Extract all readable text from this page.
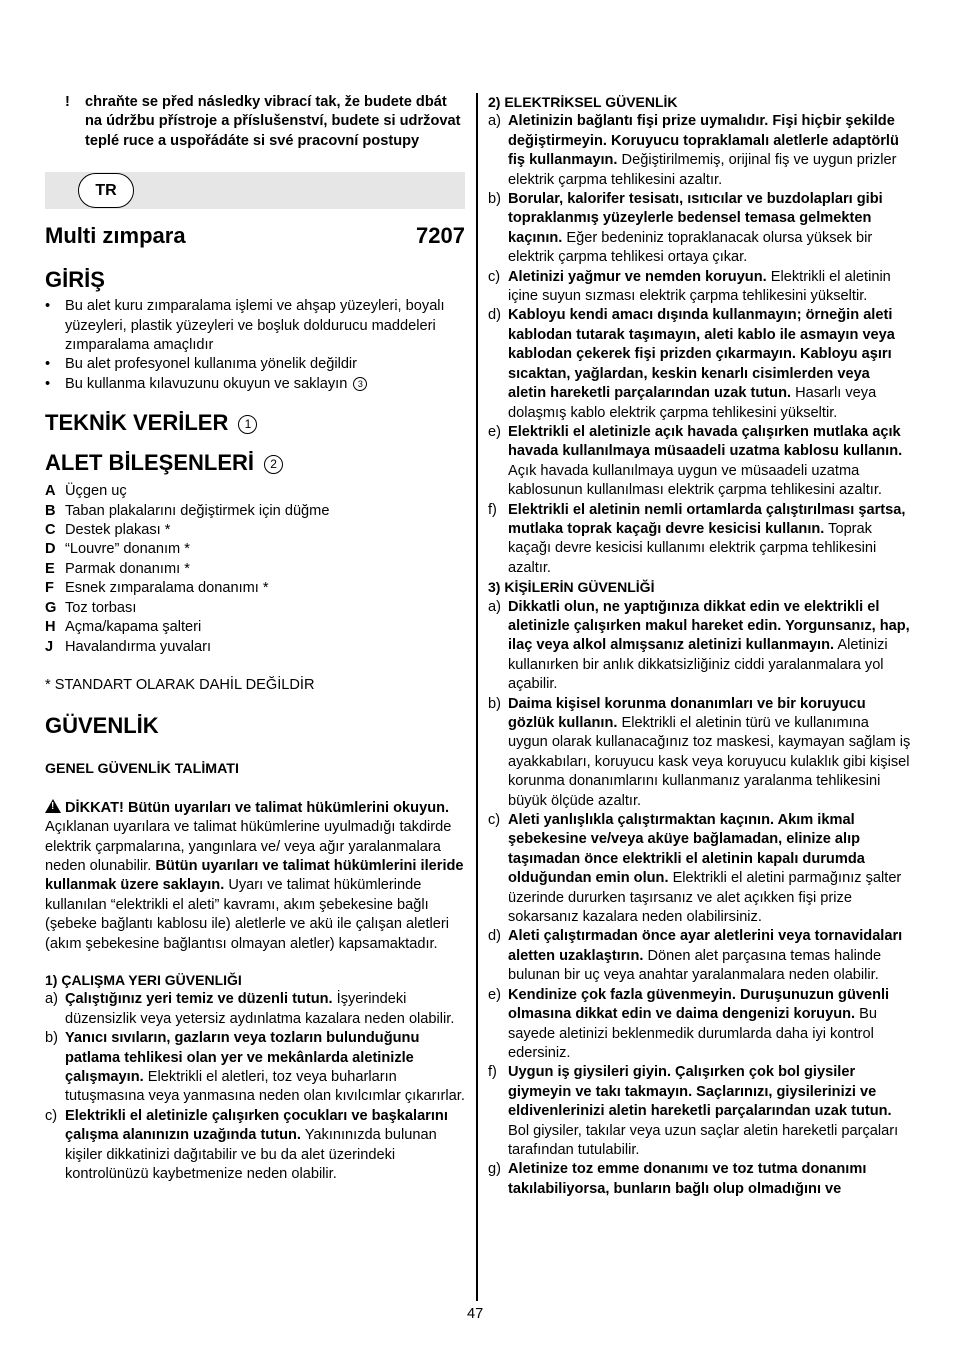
!	chraňte se před následky vibrací tak, že budete dbát na údržbu přístroje a příslušenství, budete si udržovat teplé ruce a uspořádáte si své pracovní postupy
TR
Multi zımpara	7207
GİRİŞ
•	Bu alet kuru zımparalama işlemi ve ahşap yüzeyleri, boyalı yüzeyleri, plastik yüzeyleri ve boşluk doldurucu maddeleri zımparalama amaçlıdır
•	Bu alet profesyonel kullanıma yönelik değildir
•	Bu kullanma kılavuzunu okuyun ve saklayın 3
TEKNİK VERİLER 1
ALET BİLEŞENLERİ 2
A Üçgen uç
B Taban plakalarını değiştirmek için düğme
C Destek plakası *
D “Louvre” donanım *
E Parmak donanımı *
F Esnek zımparalama donanımı *
G Toz torbası
H Açma/kapama şalteri
J Havalandırma yuvaları
* STANDART OLARAK DAHİL DEĞİLDİR
GÜVENLİK
GENEL GÜVENLİK TALİMATI
!DİKKAT! Bütün uyarıları ve talimat hükümlerini okuyun. Açıklanan uyarılara ve talimat hükümlerine uyulmadığı takdirde elektrik çarpmalarına, yangınlara ve/ veya ağır yaralanmalara neden olunabilir. Bütün uyarıları ve talimat hükümlerini ileride kullanmak üzere saklayın. Uyarı ve talimat hükümlerinde kullanılan “elektrikli el aleti” kavramı, akım şebekesine bağlı (şebeke bağlantı kablosu ile) aletlerle ve akü ile çalışan aletleri (akım şebekesine bağlantısı olmayan aletler) kapsamaktadır.
1) ÇALIŞMA YERI GÜVENLIĞI
a) Çalıştığınız yeri temiz ve düzenli tutun. İşyerindeki düzensizlik veya yetersiz aydınlatma kazalara neden olabilir.
b) Yanıcı sıvıların, gazların veya tozların bulunduğunu patlama tehlikesi olan yer ve mekânlarda aletinizle çalışmayın. Elektrikli el aletleri, toz veya buharların tutuşmasına veya yanmasına neden olan kıvılcımlar çıkarırlar.
c) Elektrikli el aletinizle çalışırken çocukları ve başkalarını çalışma alanınızın uzağında tutun. Yakınınızda bulunan kişiler dikkatinizi dağıtabilir ve bu da alet üzerindeki kontrolünüzü kaybetmenize neden olabilir.
2) ELEKTRİKSEL GÜVENLİK
a) Aletinizin bağlantı fişi prize uymalıdır. Fişi hiçbir şekilde değiştirmeyin. Koruyucu topraklamalı aletlerle adaptörlü fiş kullanmayın. Değiştirilmemiş, orijinal fiş ve uygun prizler elektrik çarpma tehlikesini azaltır.
b) Borular, kalorifer tesisatı, ısıtıcılar ve buzdolapları gibi topraklanmış yüzeylerle bedensel temasa gelmekten kaçının. Eğer bedeniniz topraklanacak olursa yüksek bir elektrik çarpma tehlikesi ortaya çıkar.
c) Aletinizi yağmur ve nemden koruyun. Elektrikli el aletinin içine suyun sızması elektrik çarpma tehlikesini yükseltir.
d) Kabloyu kendi amacı dışında kullanmayın; örneğin aleti kablodan tutarak taşımayın, aleti kablo ile asmayın veya kablodan çekerek fişi prizden çıkarmayın. Kabloyu aşırı sıcaktan, yağlardan, keskin kenarlı cisimlerden veya aletin hareketli parçalarından uzak tutun. Hasarlı veya dolaşmış kablo elektrik çarpma tehlikesini yükseltir.
e) Elektrikli el aletinizle açık havada çalışırken mutlaka açık havada kullanılmaya müsaadeli uzatma kablosu kullanın. Açık havada kullanılmaya uygun ve müsaadeli uzatma kablosunun kullanılması elektrik çarpma tehlikesini azaltır.
f) Elektrikli el aletinin nemli ortamlarda çalıştırılması şartsa, mutlaka toprak kaçağı devre kesicisi kullanın. Toprak kaçağı devre kesicisi kullanımı elektrik çarpma tehlikesini azaltır.
3) KİŞİLERİN GÜVENLİĞİ
a) Dikkatli olun, ne yaptığınıza dikkat edin ve elektrikli el aletinizle çalışırken makul hareket edin. Yorgunsanız, hap, ilaç veya alkol almışsanız aletinizi kullanmayın. Aletinizi kullanırken bir anlık dikkatsizliğiniz ciddi yaralanmalara yol açabilir.
b) Daima kişisel korunma donanımları ve bir koruyucu gözlük kullanın. Elektrikli el aletinin türü ve kullanımına uygun olarak kullanacağınız toz maskesi, kaymayan sağlam iş ayakkabıları, koruyucu kask veya koruyucu kulaklık gibi kişisel korunma donanımlarını kullanmanız yaralanma tehlikesini büyük ölçüde azaltır.
c) Aleti yanlışlıkla çalıştırmaktan kaçının. Akım ikmal şebekesine ve/veya aküye bağlamadan, elinize alıp taşımadan önce elektrikli el aletinin kapalı durumda olduğundan emin olun. Elektrikli el aletini parmağınız şalter üzerinde dururken taşırsanız ve alet açıkken fişi prize sokarsanız kazalara neden olabilirsiniz.
d) Aleti çalıştırmadan önce ayar aletlerini veya tornavidaları aletten uzaklaştırın. Dönen alet parçasına temas halinde bulunan bir uç veya anahtar yaralanmalara neden olabilir.
e) Kendinize çok fazla güvenmeyin. Duruşunuzun güvenli olmasına dikkat edin ve daima dengenizi koruyun. Bu sayede aletinizi beklenmedik durumlarda daha iyi kontrol edersiniz.
f) Uygun iş giysileri giyin. Çalışırken çok bol giysiler giymeyin ve takı takmayın. Saçlarınızı, giysilerinizi ve eldivenlerinizi aletin hareketli parçalarından uzak tutun. Bol giysiler, takılar veya uzun saçlar aletin hareketli parçaları tarafından tutulabilir.
g) Aletinize toz emme donanımı ve toz tutma donanımı takılabiliyorsa, bunların bağlı olup olmadığını ve
47
